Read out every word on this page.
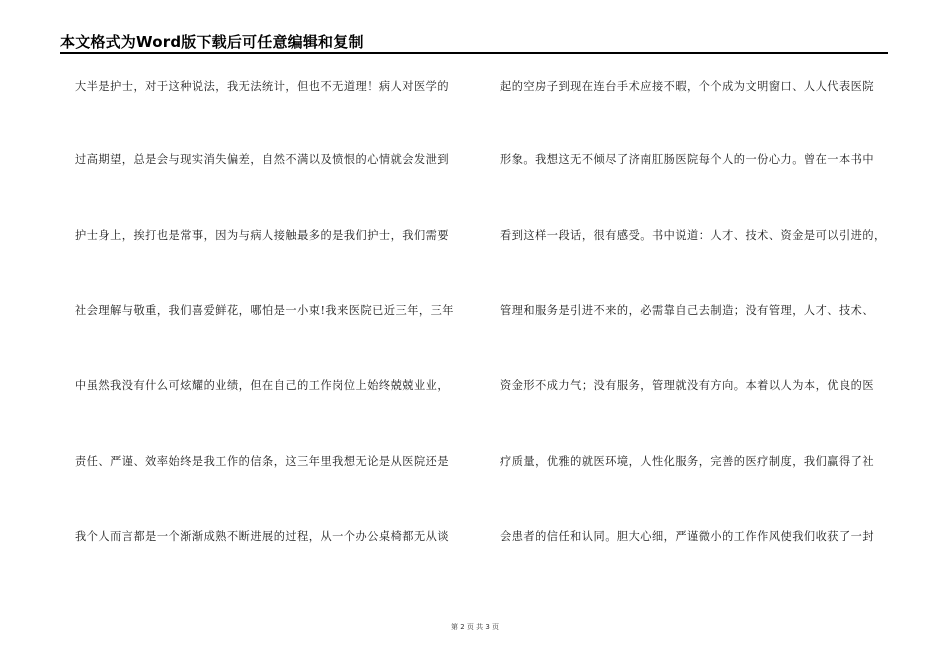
本文格式为Word版下载后可任意编辑和复制
大半是护士，对于这种说法，我无法统计，但也不无道理！病人对医学的
过高期望，总是会与现实消失偏差，自然不满以及愤恨的心情就会发泄到
护士身上，挨打也是常事，因为与病人接触最多的是我们护士，我们需要
社会理解与敬重，我们喜爱鲜花，哪怕是一小束!我来医院已近三年，三年
中虽然我没有什么可炫耀的业绩，但在自己的工作岗位上始终兢兢业业，
责任、严谨、效率始终是我工作的信条，这三年里我想无论是从医院还是
我个人而言都是一个渐渐成熟不断进展的过程，从一个办公桌椅都无从谈
起的空房子到现在连台手术应接不暇，个个成为文明窗口、人人代表医院
形象。我想这无不倾尽了济南肛肠医院每个人的一份心力。曾在一本书中
看到这样一段话，很有感受。书中说道：人才、技术、资金是可以引进的，
管理和服务是引进不来的，必需靠自己去制造；没有管理，人才、技术、
资金形不成力气；没有服务，管理就没有方向。本着以人为本，优良的医
疗质量，优雅的就医环境，人性化服务，完善的医疗制度，我们赢得了社
会患者的信任和认同。胆大心细，严谨微小的工作作风使我们收获了一封
第 2 页 共 3 页
